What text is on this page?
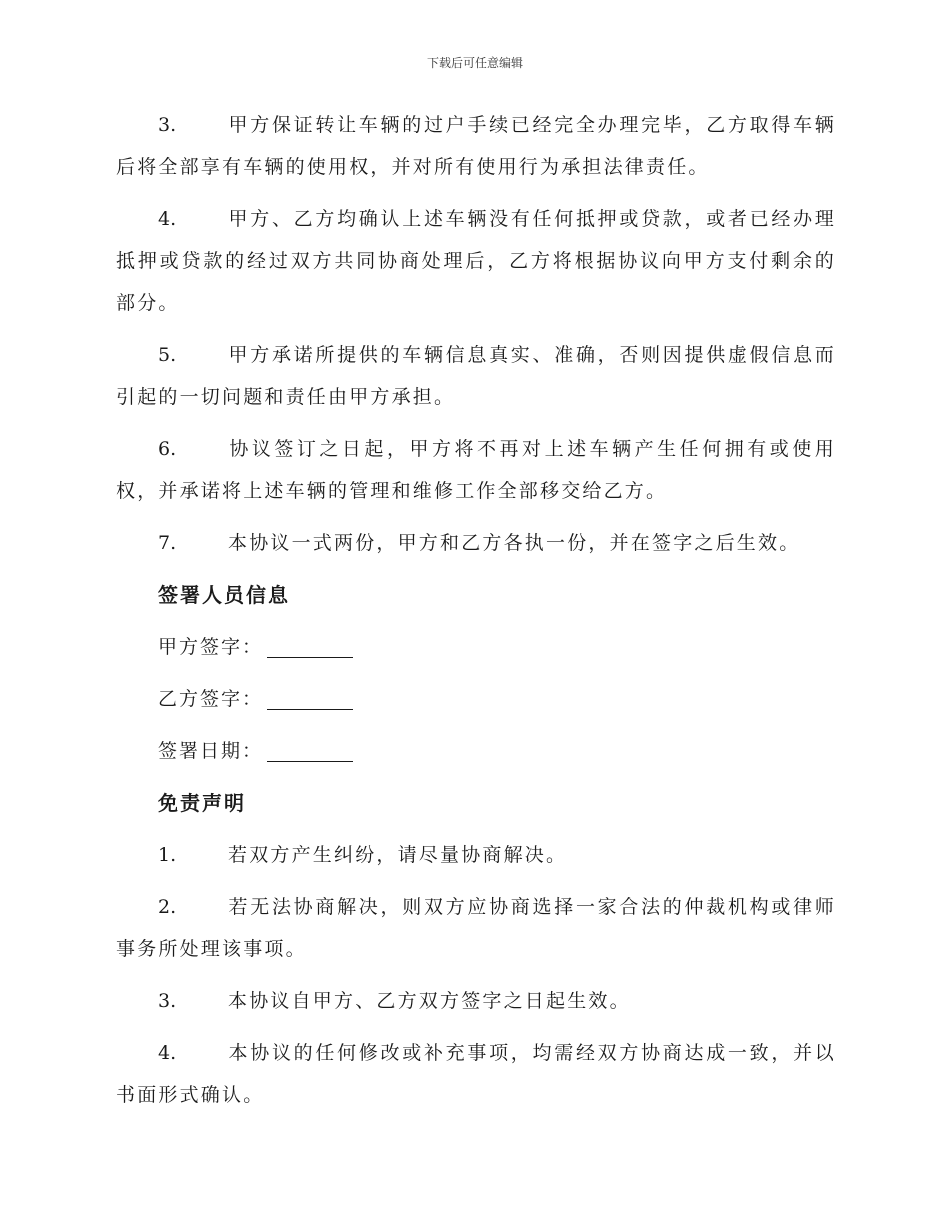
下载后可任意编辑

3.	甲方保证转让车辆的过户手续已经完全办理完毕，乙方取得车辆后将全部享有车辆的使用权，并对所有使用行为承担法律责任。

4.	甲方、乙方均确认上述车辆没有任何抵押或贷款，或者已经办理抵押或贷款的经过双方共同协商处理后，乙方将根据协议向甲方支付剩余的部分。

5.	甲方承诺所提供的车辆信息真实、准确，否则因提供虚假信息而引起的一切问题和责任由甲方承担。

6.	协议签订之日起，甲方将不再对上述车辆产生任何拥有或使用权，并承诺将上述车辆的管理和维修工作全部移交给乙方。

7.	本协议一式两份，甲方和乙方各执一份，并在签字之后生效。

签署人员信息
甲方签字：
乙方签字：
签署日期：
免责声明

1.	若双方产生纠纷，请尽量协商解决。

2.	若无法协商解决，则双方应协商选择一家合法的仲裁机构或律师事务所处理该事项。

3.	本协议自甲方、乙方双方签字之日起生效。

4.	本协议的任何修改或补充事项，均需经双方协商达成一致，并以书面形式确认。
